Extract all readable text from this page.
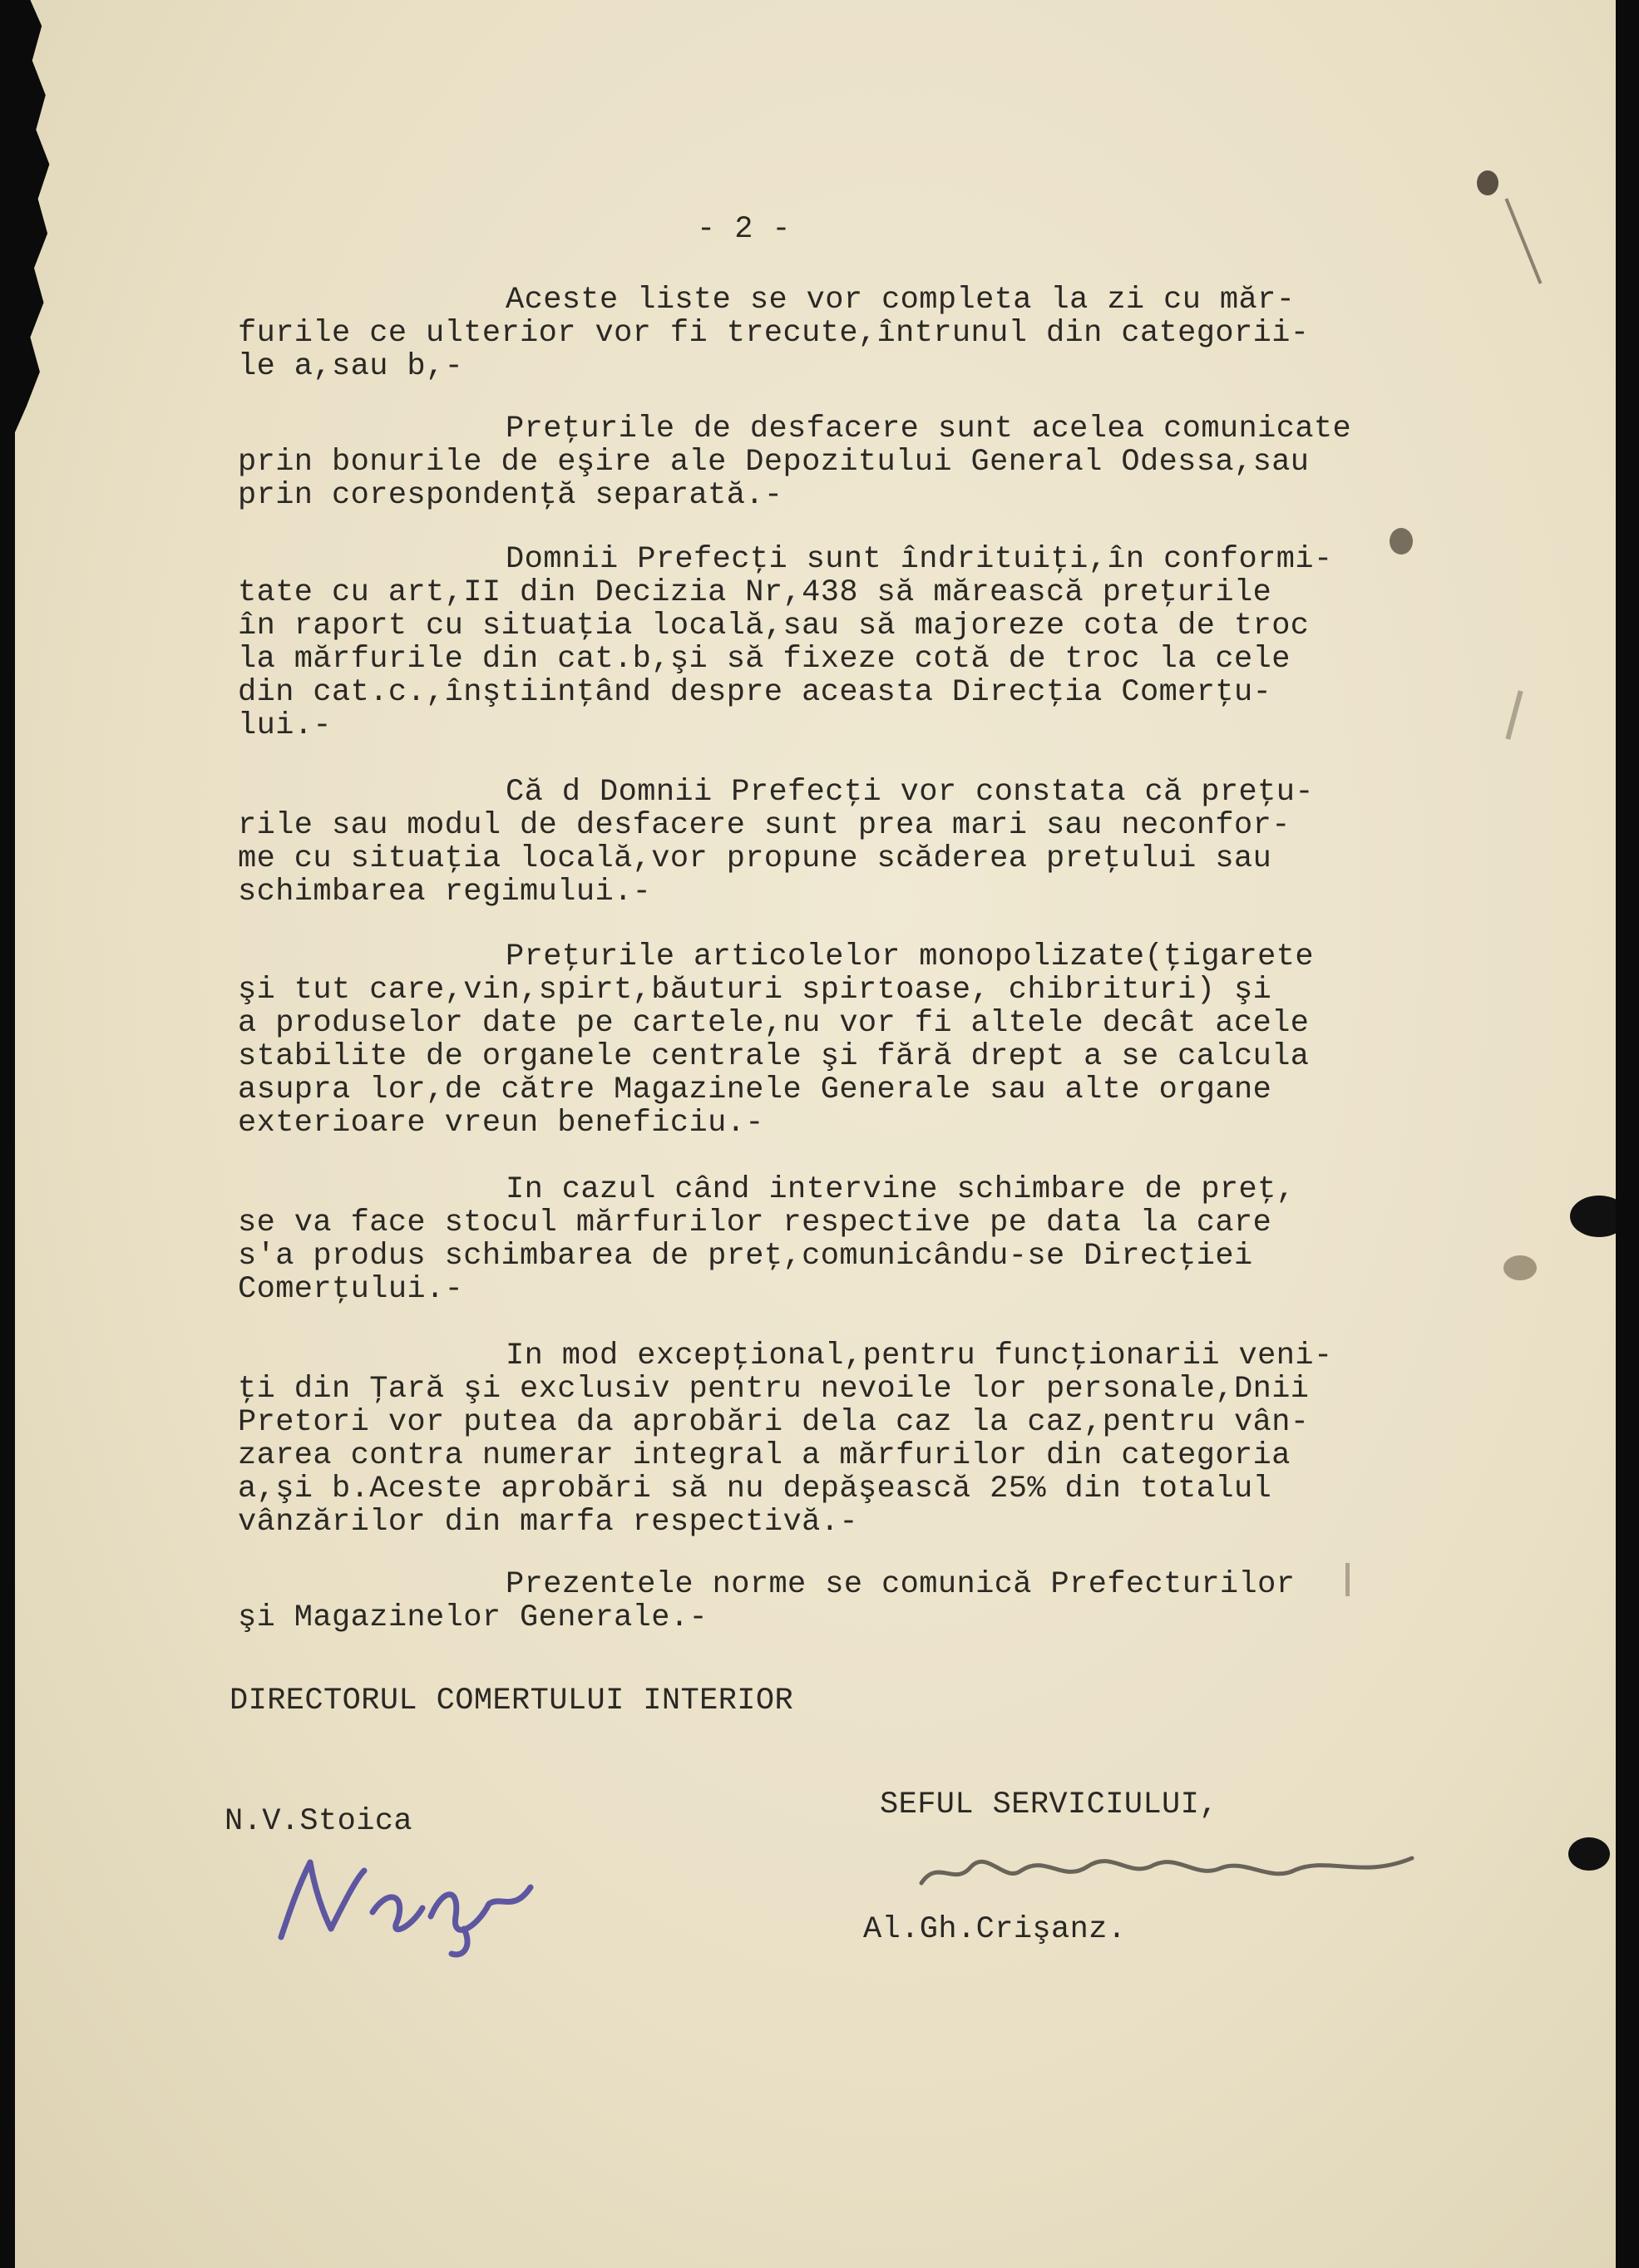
- 2 -
Aceste liste se vor completa la zi cu măr-
furile ce ulterior vor fi trecute,întrunul din categorii-
le a,sau b,-
Preţurile de desfacere sunt acelea comunicate
prin bonurile de eşire ale Depozitului General Odessa,sau
prin corespondenţă separată.-
Domnii Prefecţi sunt îndrituiţi,în conformi-
tate cu art,II din Decizia Nr,438 să mărească preţurile
în raport cu situaţia locală,sau să majoreze cota de troc
la mărfurile din cat.b,şi să fixeze cotă de troc la cele
din cat.c.,înştiinţând despre aceasta Direcţia Comerţu-
lui.-
Că d Domnii Prefecţi vor constata că preţu-
rile sau modul de desfacere sunt prea mari sau neconfor-
me cu situaţia locală,vor propune scăderea preţului sau
schimbarea regimului.-
Preţurile articolelor monopolizate(ţigarete
şi tut care,vin,spirt,băuturi spirtoase, chibrituri) şi
a produselor date pe cartele,nu vor fi altele decât acele
stabilite de organele centrale şi fără drept a se calcula
asupra lor,de către Magazinele Generale sau alte organe
exterioare vreun beneficiu.-
In cazul când intervine schimbare de preţ,
se va face stocul mărfurilor respective pe data la care
s'a produs schimbarea de preţ,comunicându-se Direcţiei
Comerţului.-
In mod excepţional,pentru funcţionarii veni-
ţi din Ţară şi exclusiv pentru nevoile lor personale,Dnii
Pretori vor putea da aprobări dela caz la caz,pentru vân-
zarea contra numerar integral a mărfurilor din categoria
a,şi b.Aceste aprobări să nu depăşească 25% din totalul
vânzărilor din marfa respectivă.-
Prezentele norme se comunică Prefecturilor
şi Magazinelor Generale.-
DIRECTORUL COMERTULUI INTERIOR
N.V.Stoica	SEFUL SERVICIULUI,
Al.Gh.Crişanz.
